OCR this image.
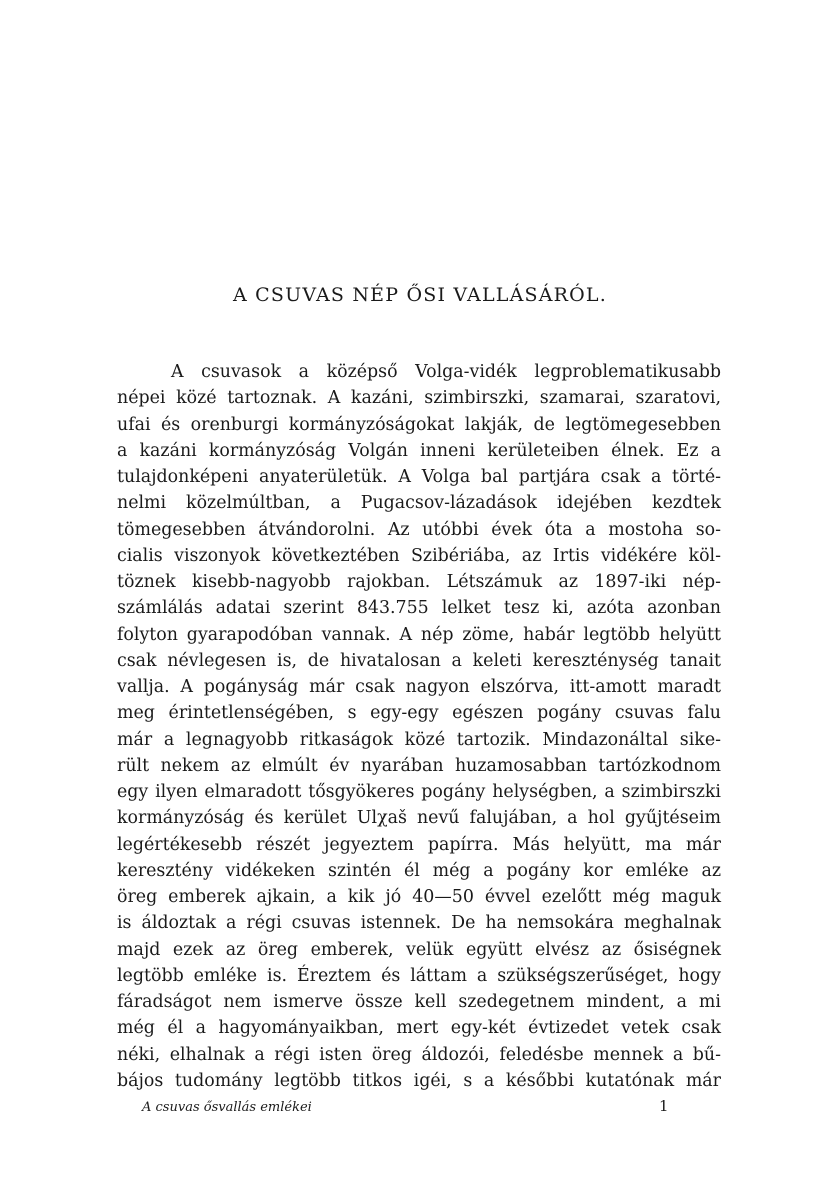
A CSUVAS NÉP ŐSI VALLÁSÁRÓL.
A csuvasok a középső Volga-vidék legproblematikusabb
népei közé tartoznak. A kazáni, szimbirszki, szamarai, szaratovi,
ufai és orenburgi kormányzóságokat lakják, de legtömegesebben
a kazáni kormányzóság Volgán inneni kerületeiben élnek. Ez a
tulajdonképeni anyaterületük. A Volga bal partjára csak a törté-
nelmi közelmúltban, a Pugacsov-lázadások idejében kezdtek
tömegesebben átvándorolni. Az utóbbi évek óta a mostoha so-
cialis viszonyok következtében Szibériába, az Irtis vidékére köl-
töznek kisebb-nagyobb rajokban. Létszámuk az 1897-iki nép-
számlálás adatai szerint 843.755 lelket tesz ki, azóta azonban
folyton gyarapodóban vannak. A nép zöme, habár legtöbb helyütt
csak névlegesen is, de hivatalosan a keleti kereszténység tanait
vallja. A pogányság már csak nagyon elszórva, itt-amott maradt
meg érintetlenségében, s egy-egy egészen pogány csuvas falu
már a legnagyobb ritkaságok közé tartozik. Mindazonáltal sike-
rült nekem az elmúlt év nyarában huzamosabban tartózkodnom
egy ilyen elmaradott tősgyökeres pogány helységben, a szimbirszki
kormányzóság és kerület Ulχaš nevű falujában, a hol gyűjtéseim
legértékesebb részét jegyeztem papírra. Más helyütt, ma már
keresztény vidékeken szintén él még a pogány kor emléke az
öreg emberek ajkain, a kik jó 40—50 évvel ezelőtt még maguk
is áldoztak a régi csuvas istennek. De ha nemsokára meghalnak
majd ezek az öreg emberek, velük együtt elvész az ősiségnek
legtöbb emléke is. Éreztem és láttam a szükségszerűséget, hogy
fáradságot nem ismerve össze kell szedegetnem mindent, a mi
még él a hagyományaikban, mert egy-két évtizedet vetek csak
néki, elhalnak a régi isten öreg áldozói, feledésbe mennek a bű-
bájos tudomány legtöbb titkos igéi, s a későbbi kutatónak már
A csuvas ősvallás emlékei	1
